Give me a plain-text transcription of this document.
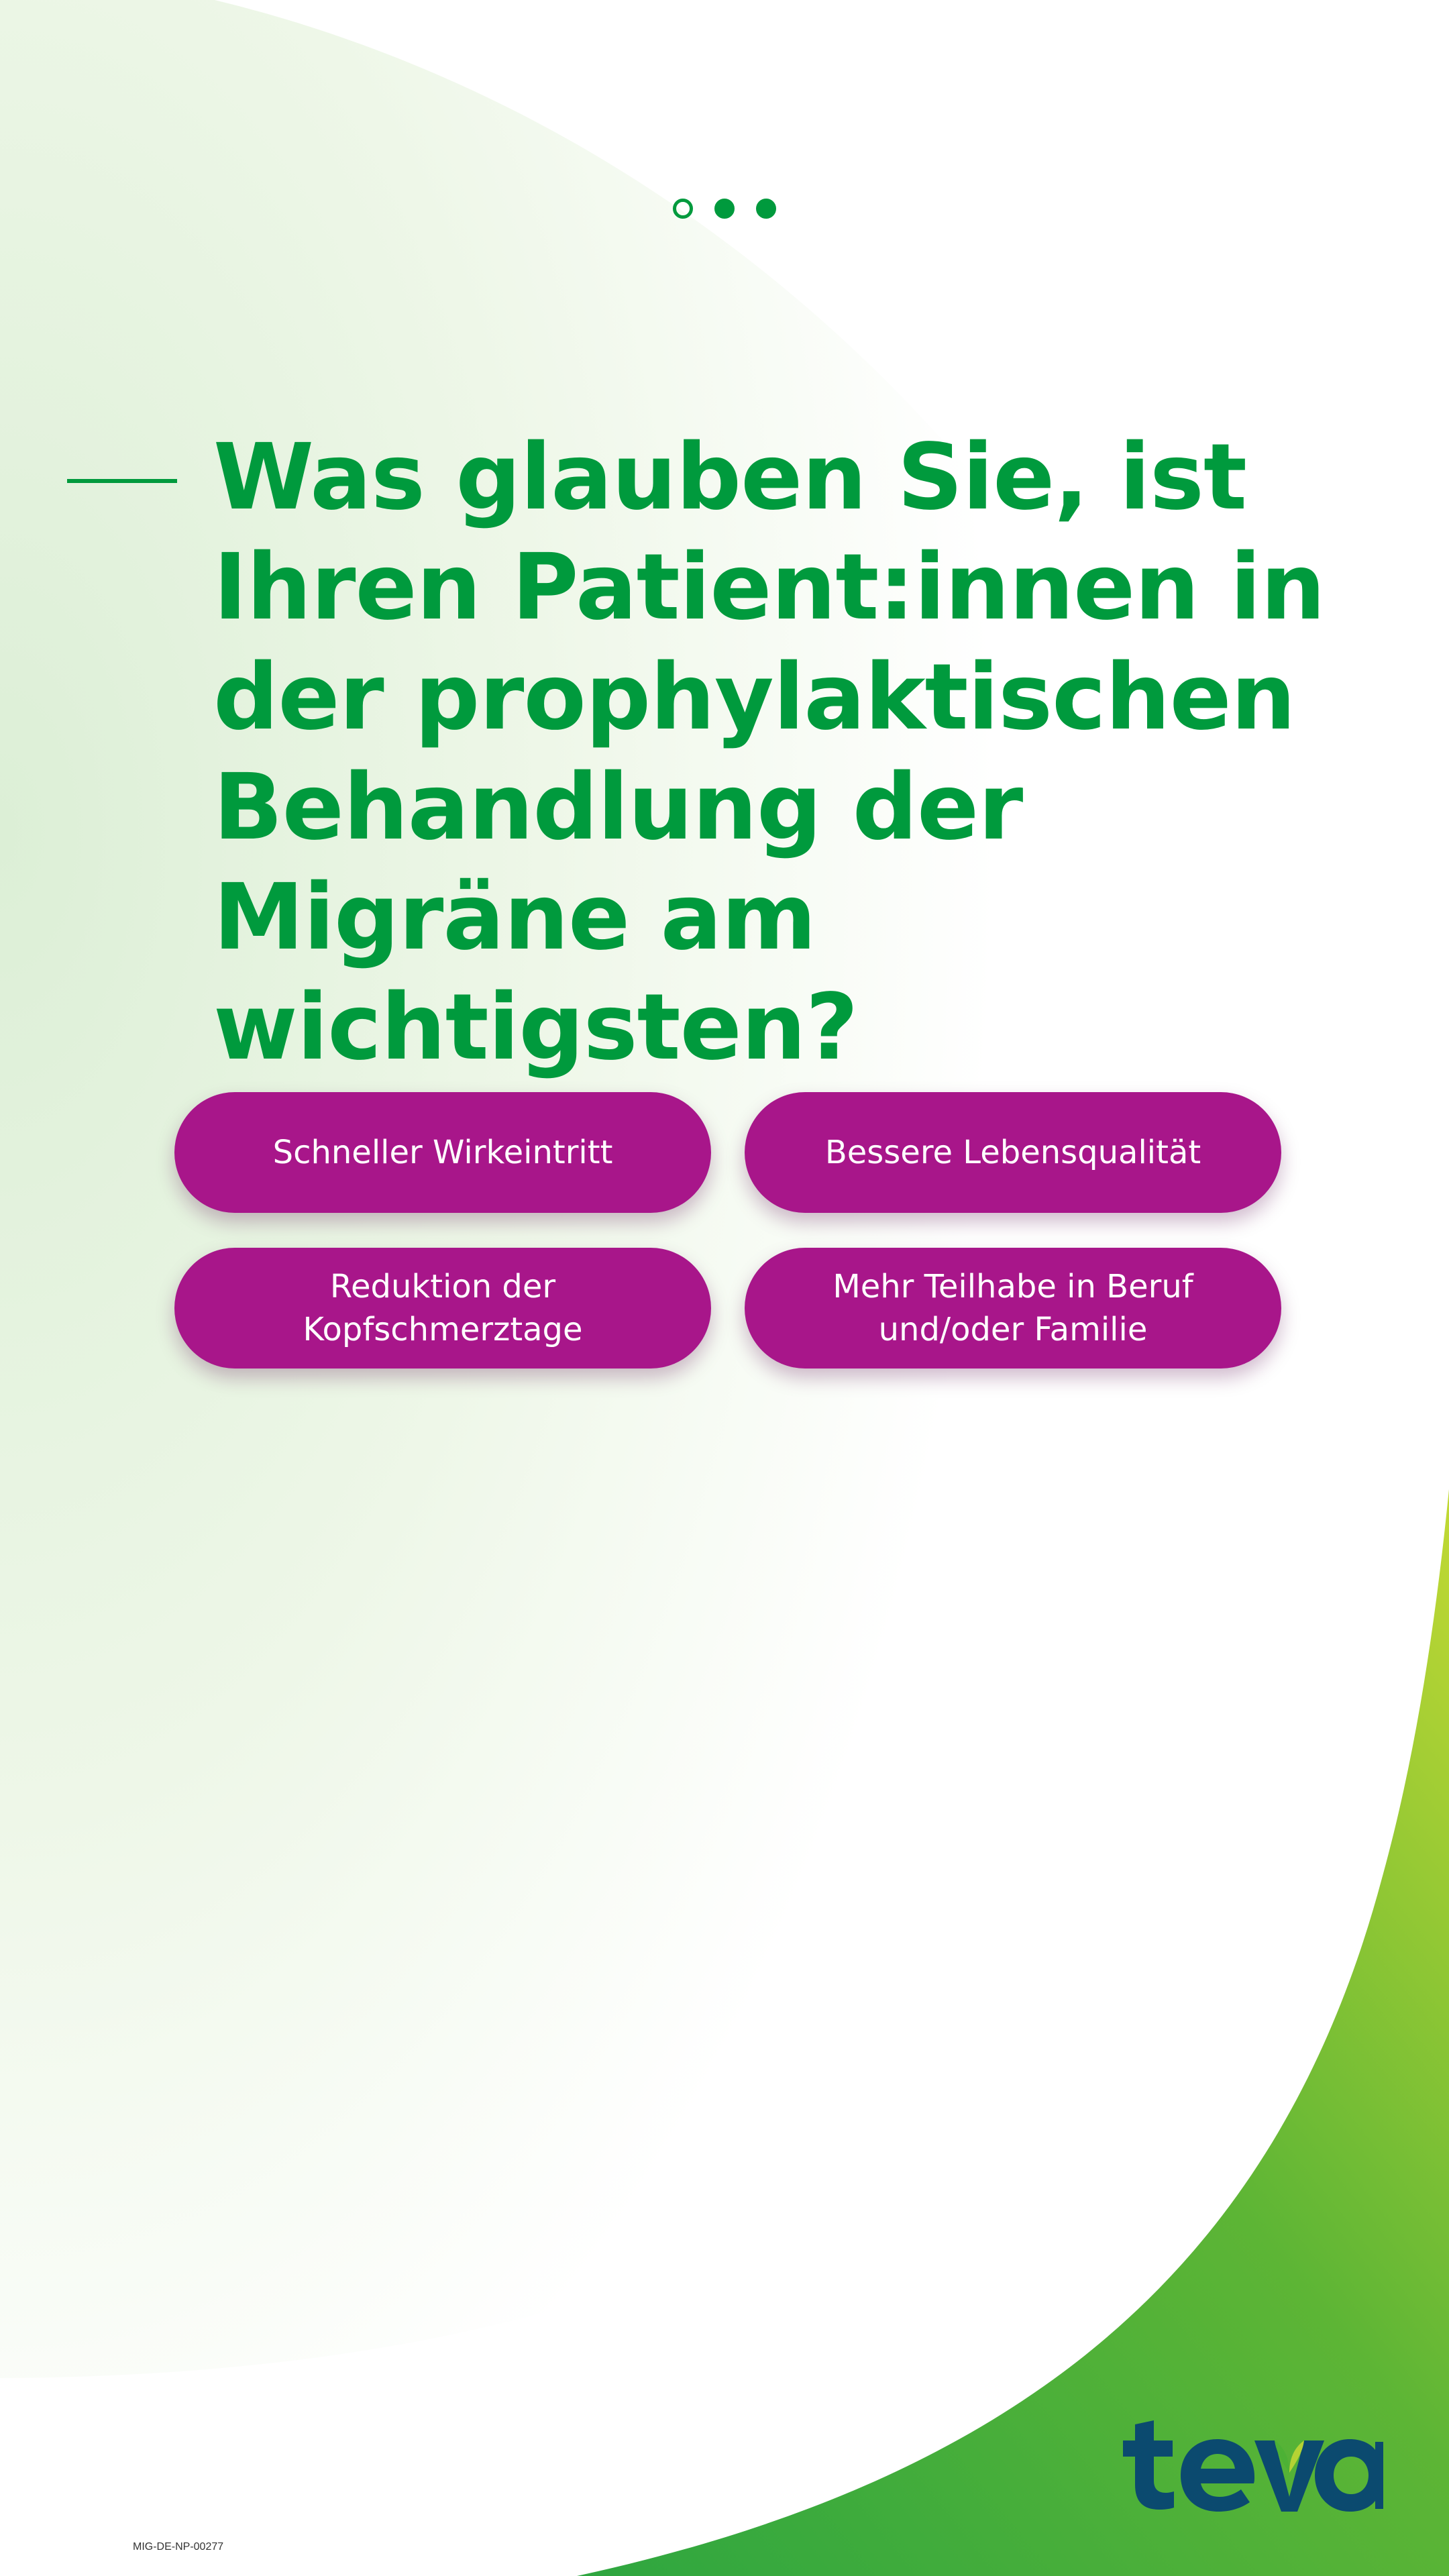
Was glauben Sie, ist Ihren Patient:innen in der prophylaktischen Behandlung der Migräne am wichtigsten?
Schneller Wirkeintritt	Bessere Lebensqualität
Reduktion der
Kopfschmerztage
Mehr Teilhabe in Beruf
und/oder Familie
MIG-DE-NP-00277
